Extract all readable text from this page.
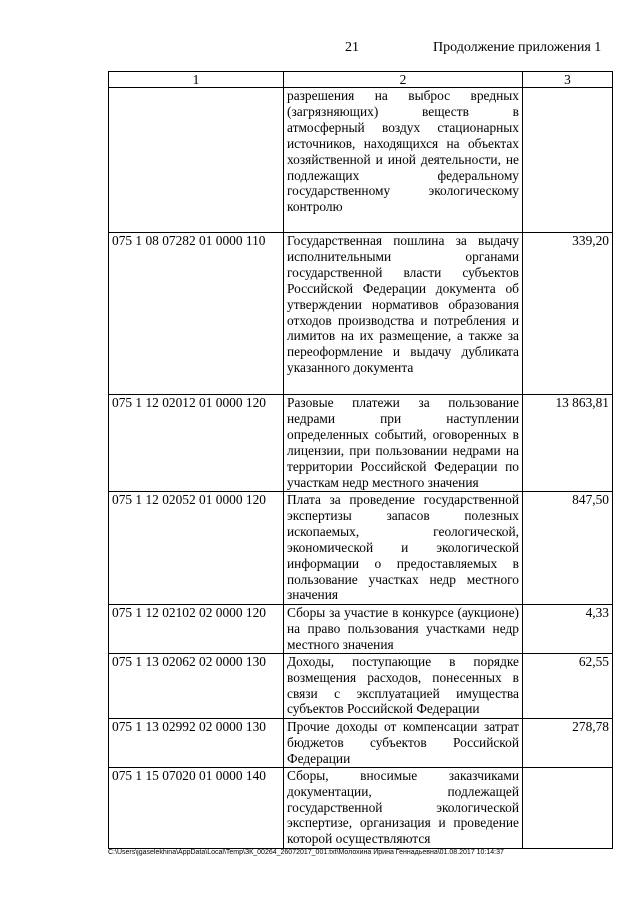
21	Продолжение приложения 1
1	2	3
	разрешения на выброс вредных (загрязняющих) веществ в атмосферный воздух стационарных источников, находящихся на объектах хозяйственной и иной деятельности, не подлежащих федеральному государственному экологическому контролю	
075 1 08 07282 01 0000 110	Государственная пошлина за выдачу исполнительными органами государственной власти субъектов Российской Федерации документа об утверждении нормативов образования отходов производства и потребления и лимитов на их размещение, а также за переоформление и выдачу дубликата указанного документа	339,20
075 1 12 02012 01 0000 120	Разовые платежи за пользование недрами при наступлении определенных событий, оговоренных в лицензии, при пользовании недрами на территории Российской Федерации по участкам недр местного значения	13 863,81
075 1 12 02052 01 0000 120	Плата за проведение государственной экспертизы запасов полезных ископаемых, геологической, экономической и экологической информации о предоставляемых в пользование участках недр местного значения	847,50
075 1 12 02102 02 0000 120	Сборы за участие в конкурсе (аукционе) на право пользования участками недр местного значения	4,33
075 1 13 02062 02 0000 130	Доходы, поступающие в порядке возмещения расходов, понесенных в связи с эксплуатацией имущества субъектов Российской Федерации	62,55
075 1 13 02992 02 0000 130	Прочие доходы от компенсации затрат бюджетов субъектов Российской Федерации	278,78
075 1 15 07020 01 0000 140	Сборы, вносимые заказчиками документации, подлежащей государственной экологической экспертизе, организация и проведение которой осуществляются	
C:\Users\jgaselekhina\AppData\Local\Temp\ЗК_00264_26072017_001.txt\Молохина Ирина Геннадьевна\01.08.2017 10:14:37
